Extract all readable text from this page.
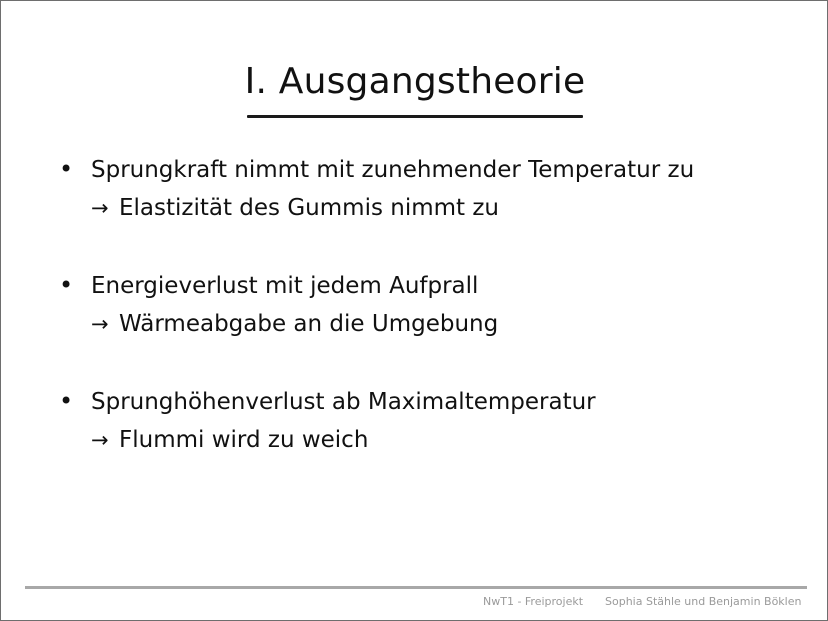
I. Ausgangstheorie
• Sprungkraft nimmt mit zunehmender Temperatur zu
→ Elastizität des Gummis nimmt zu
• Energieverlust mit jedem Aufprall
→ Wärmeabgabe an die Umgebung
• Sprunghöhenverlust ab Maximaltemperatur
→ Flummi wird zu weich
NwT1 - Freiprojekt Sophia Stähle und Benjamin Böklen
